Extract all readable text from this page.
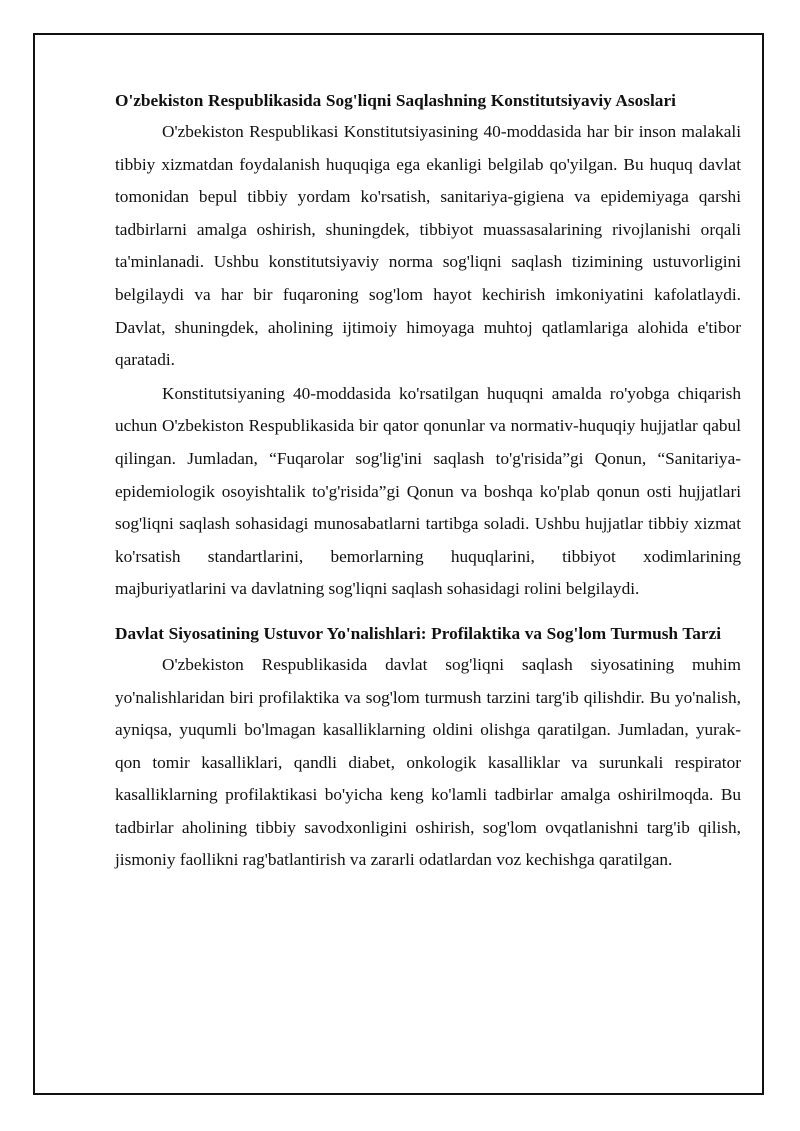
O'zbekiston Respublikasida Sog'liqni Saqlashning Konstitutsiyaviy Asoslari

O'zbekiston Respublikasi Konstitutsiyasining 40-moddasida har bir inson malakali tibbiy xizmatdan foydalanish huquqiga ega ekanligi belgilab qo'yilgan. Bu huquq davlat tomonidan bepul tibbiy yordam ko'rsatish, sanitariya-gigiena va epidemiyaga qarshi tadbirlarni amalga oshirish, shuningdek, tibbiyot muassasalarining rivojlanishi orqali ta'minlanadi. Ushbu konstitutsiyaviy norma sog'liqni saqlash tizimining ustuvorligini belgilaydi va har bir fuqaroning sog'lom hayot kechirish imkoniyatini kafolatlaydi. Davlat, shuningdek, aholining ijtimoiy himoyaga muhtoj qatlamlariga alohida e'tibor qaratadi.

Konstitutsiyaning 40-moddasida ko'rsatilgan huquqni amalda ro'yobga chiqarish uchun O'zbekiston Respublikasida bir qator qonunlar va normativ-huquqiy hujjatlar qabul qilingan. Jumladan, “Fuqarolar sog'lig'ini saqlash to'g'risida”gi Qonun, “Sanitariya-epidemiologik osoyishtalik to'g'risida”gi Qonun va boshqa ko'plab qonun osti hujjatlari sog'liqni saqlash sohasidagi munosabatlarni tartibga soladi. Ushbu hujjatlar tibbiy xizmat ko'rsatish standartlarini, bemorlarning huquqlarini, tibbiyot xodimlarining majburiyatlarini va davlatning sog'liqni saqlash sohasidagi rolini belgilaydi.

Davlat Siyosatining Ustuvor Yo'nalishlari: Profilaktika va Sog'lom Turmush Tarzi

O'zbekiston Respublikasida davlat sog'liqni saqlash siyosatining muhim yo'nalishlaridan biri profilaktika va sog'lom turmush tarzini targ'ib qilishdir. Bu yo'nalish, ayniqsa, yuqumli bo'lmagan kasalliklarning oldini olishga qaratilgan. Jumladan, yurak-qon tomir kasalliklari, qandli diabet, onkologik kasalliklar va surunkali respirator kasalliklarning profilaktikasi bo'yicha keng ko'lamli tadbirlar amalga oshirilmoqda. Bu tadbirlar aholining tibbiy savodxonligini oshirish, sog'lom ovqatlanishni targ'ib qilish, jismoniy faollikni rag'batlantirish va zararli odatlardan voz kechishga qaratilgan.
